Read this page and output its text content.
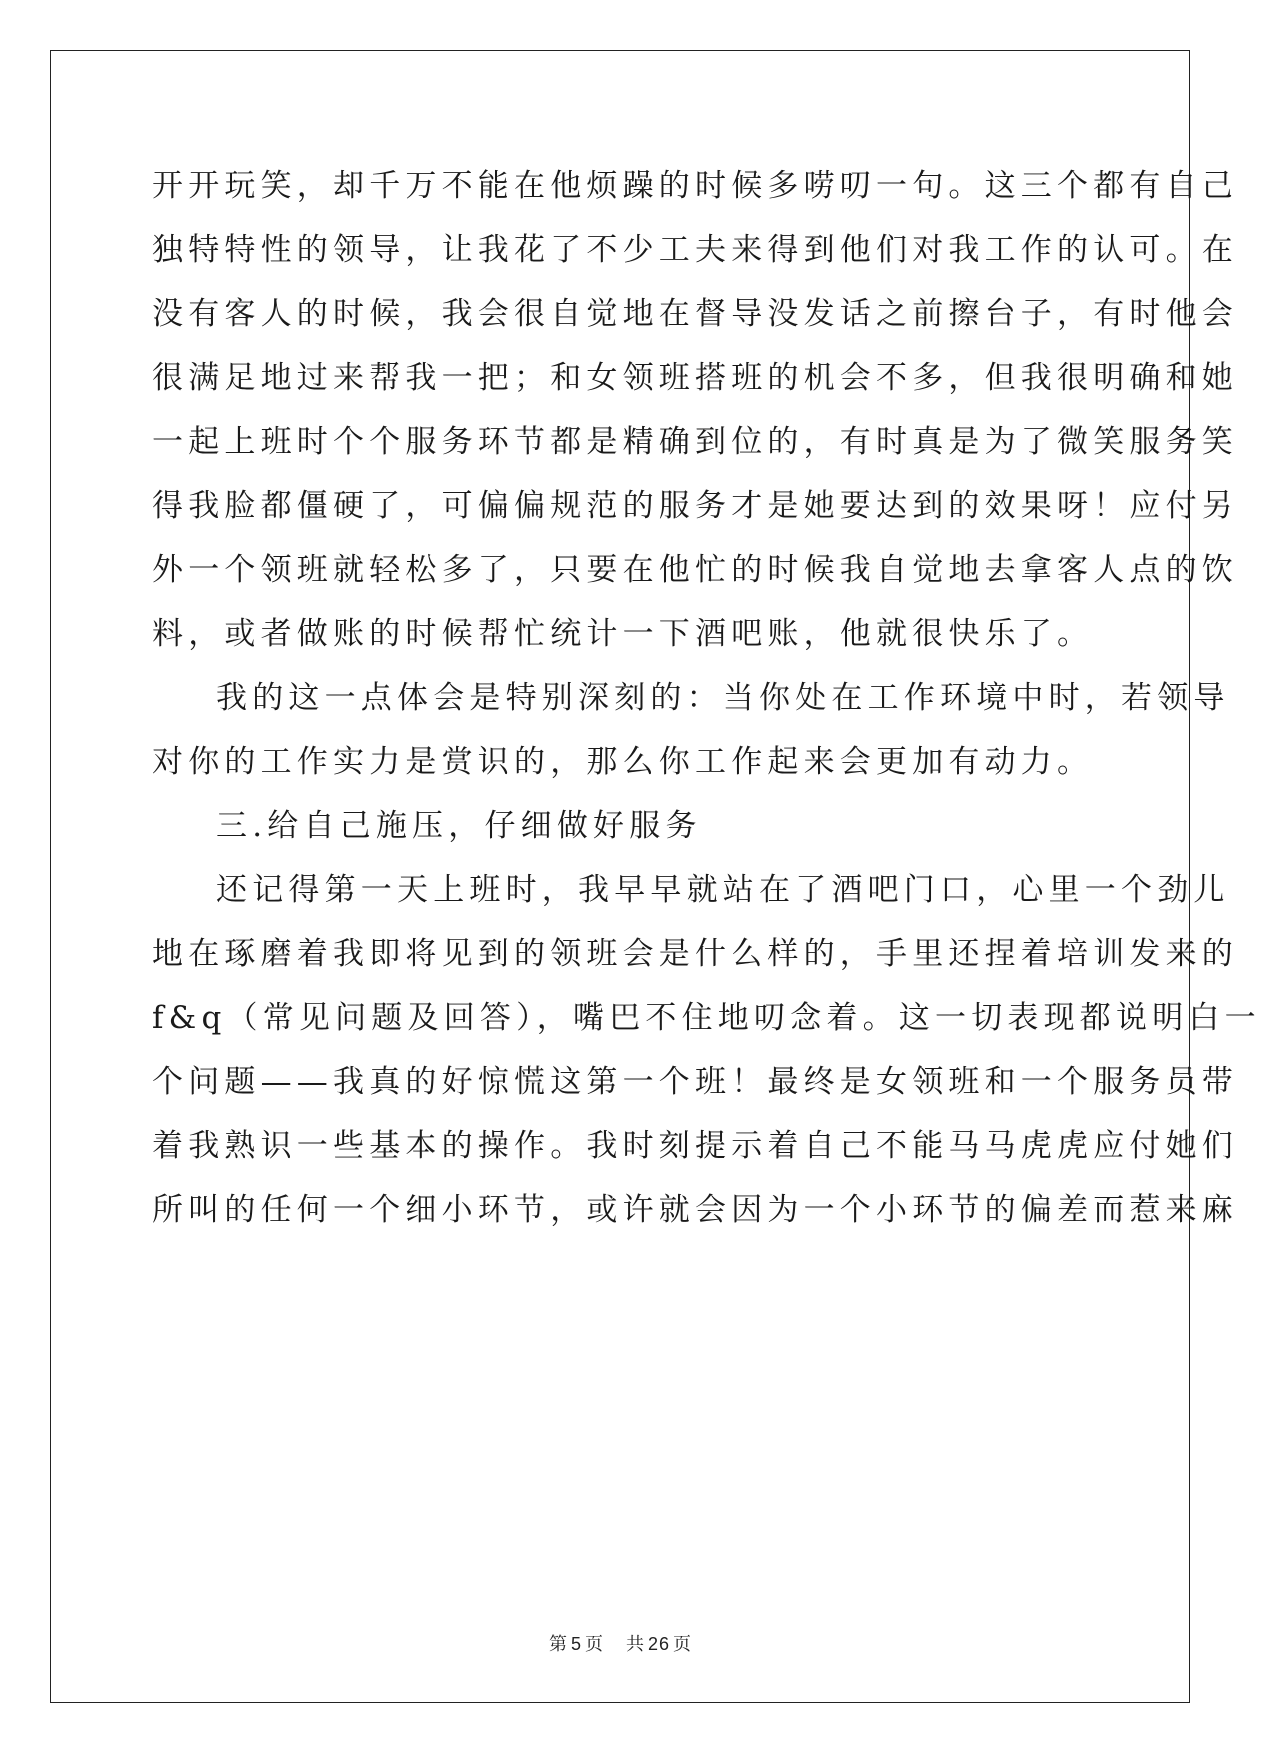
开开玩笑，却千万不能在他烦躁的时候多唠叨一句。这三个都有自己
独特特性的领导，让我花了不少工夫来得到他们对我工作的认可。在
没有客人的时候，我会很自觉地在督导没发话之前擦台子，有时他会
很满足地过来帮我一把；和女领班搭班的机会不多，但我很明确和她
一起上班时个个服务环节都是精确到位的，有时真是为了微笑服务笑
得我脸都僵硬了，可偏偏规范的服务才是她要达到的效果呀！应付另
外一个领班就轻松多了，只要在他忙的时候我自觉地去拿客人点的饮
料，或者做账的时候帮忙统计一下酒吧账，他就很快乐了。
我的这一点体会是特别深刻的：当你处在工作环境中时，若领导
对你的工作实力是赏识的，那么你工作起来会更加有动力。
三.给自己施压，仔细做好服务
还记得第一天上班时，我早早就站在了酒吧门口，心里一个劲儿
地在琢磨着我即将见到的领班会是什么样的，手里还捏着培训发来的
f&q（常见问题及回答），嘴巴不住地叨念着。这一切表现都说明白一
个问题——我真的好惊慌这第一个班！最终是女领班和一个服务员带
着我熟识一些基本的操作。我时刻提示着自己不能马马虎虎应付她们
所叫的任何一个细小环节，或许就会因为一个小环节的偏差而惹来麻
第 5 页 共 26 页
